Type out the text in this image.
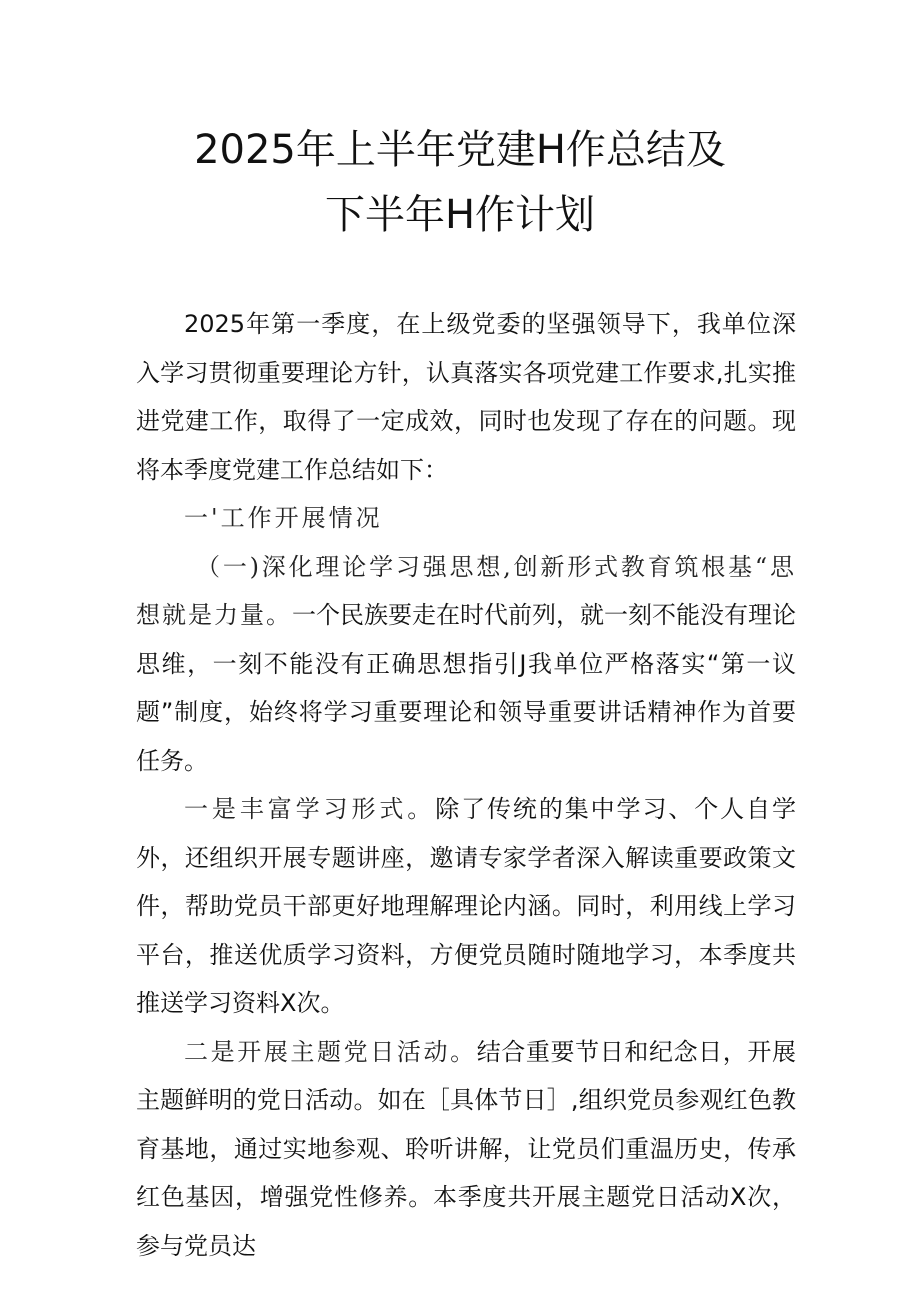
2025年上半年党建H作总结及
下半年H作计划

2025年第一季度，在上级党委的坚强领导下，我单位深入学习贯彻重要理论方针，认真落实各项党建工作要求,扎实推进党建工作，取得了一定成效，同时也发现了存在的问题。现将本季度党建工作总结如下：

一'工作开展情况

（一)深化理论学习强思想,创新形式教育筑根基“思想就是力量。一个民族要走在时代前列，就一刻不能没有理论思维，一刻不能没有正确思想指引J我单位严格落实“第一议题”制度，始终将学习重要理论和领导重要讲话精神作为首要任务。

一是丰富学习形式。除了传统的集中学习、个人自学外，还组织开展专题讲座，邀请专家学者深入解读重要政策文件，帮助党员干部更好地理解理论内涵。同时，利用线上学习平台，推送优质学习资料，方便党员随时随地学习，本季度共推送学习资料X次。

二是开展主题党日活动。结合重要节日和纪念日，开展主题鲜明的党日活动。如在［具体节日］,组织党员参观红色教育基地，通过实地参观、聆听讲解，让党员们重温历史，传承红色基因，增强党性修养。本季度共开展主题党日活动X次，参与党员达
